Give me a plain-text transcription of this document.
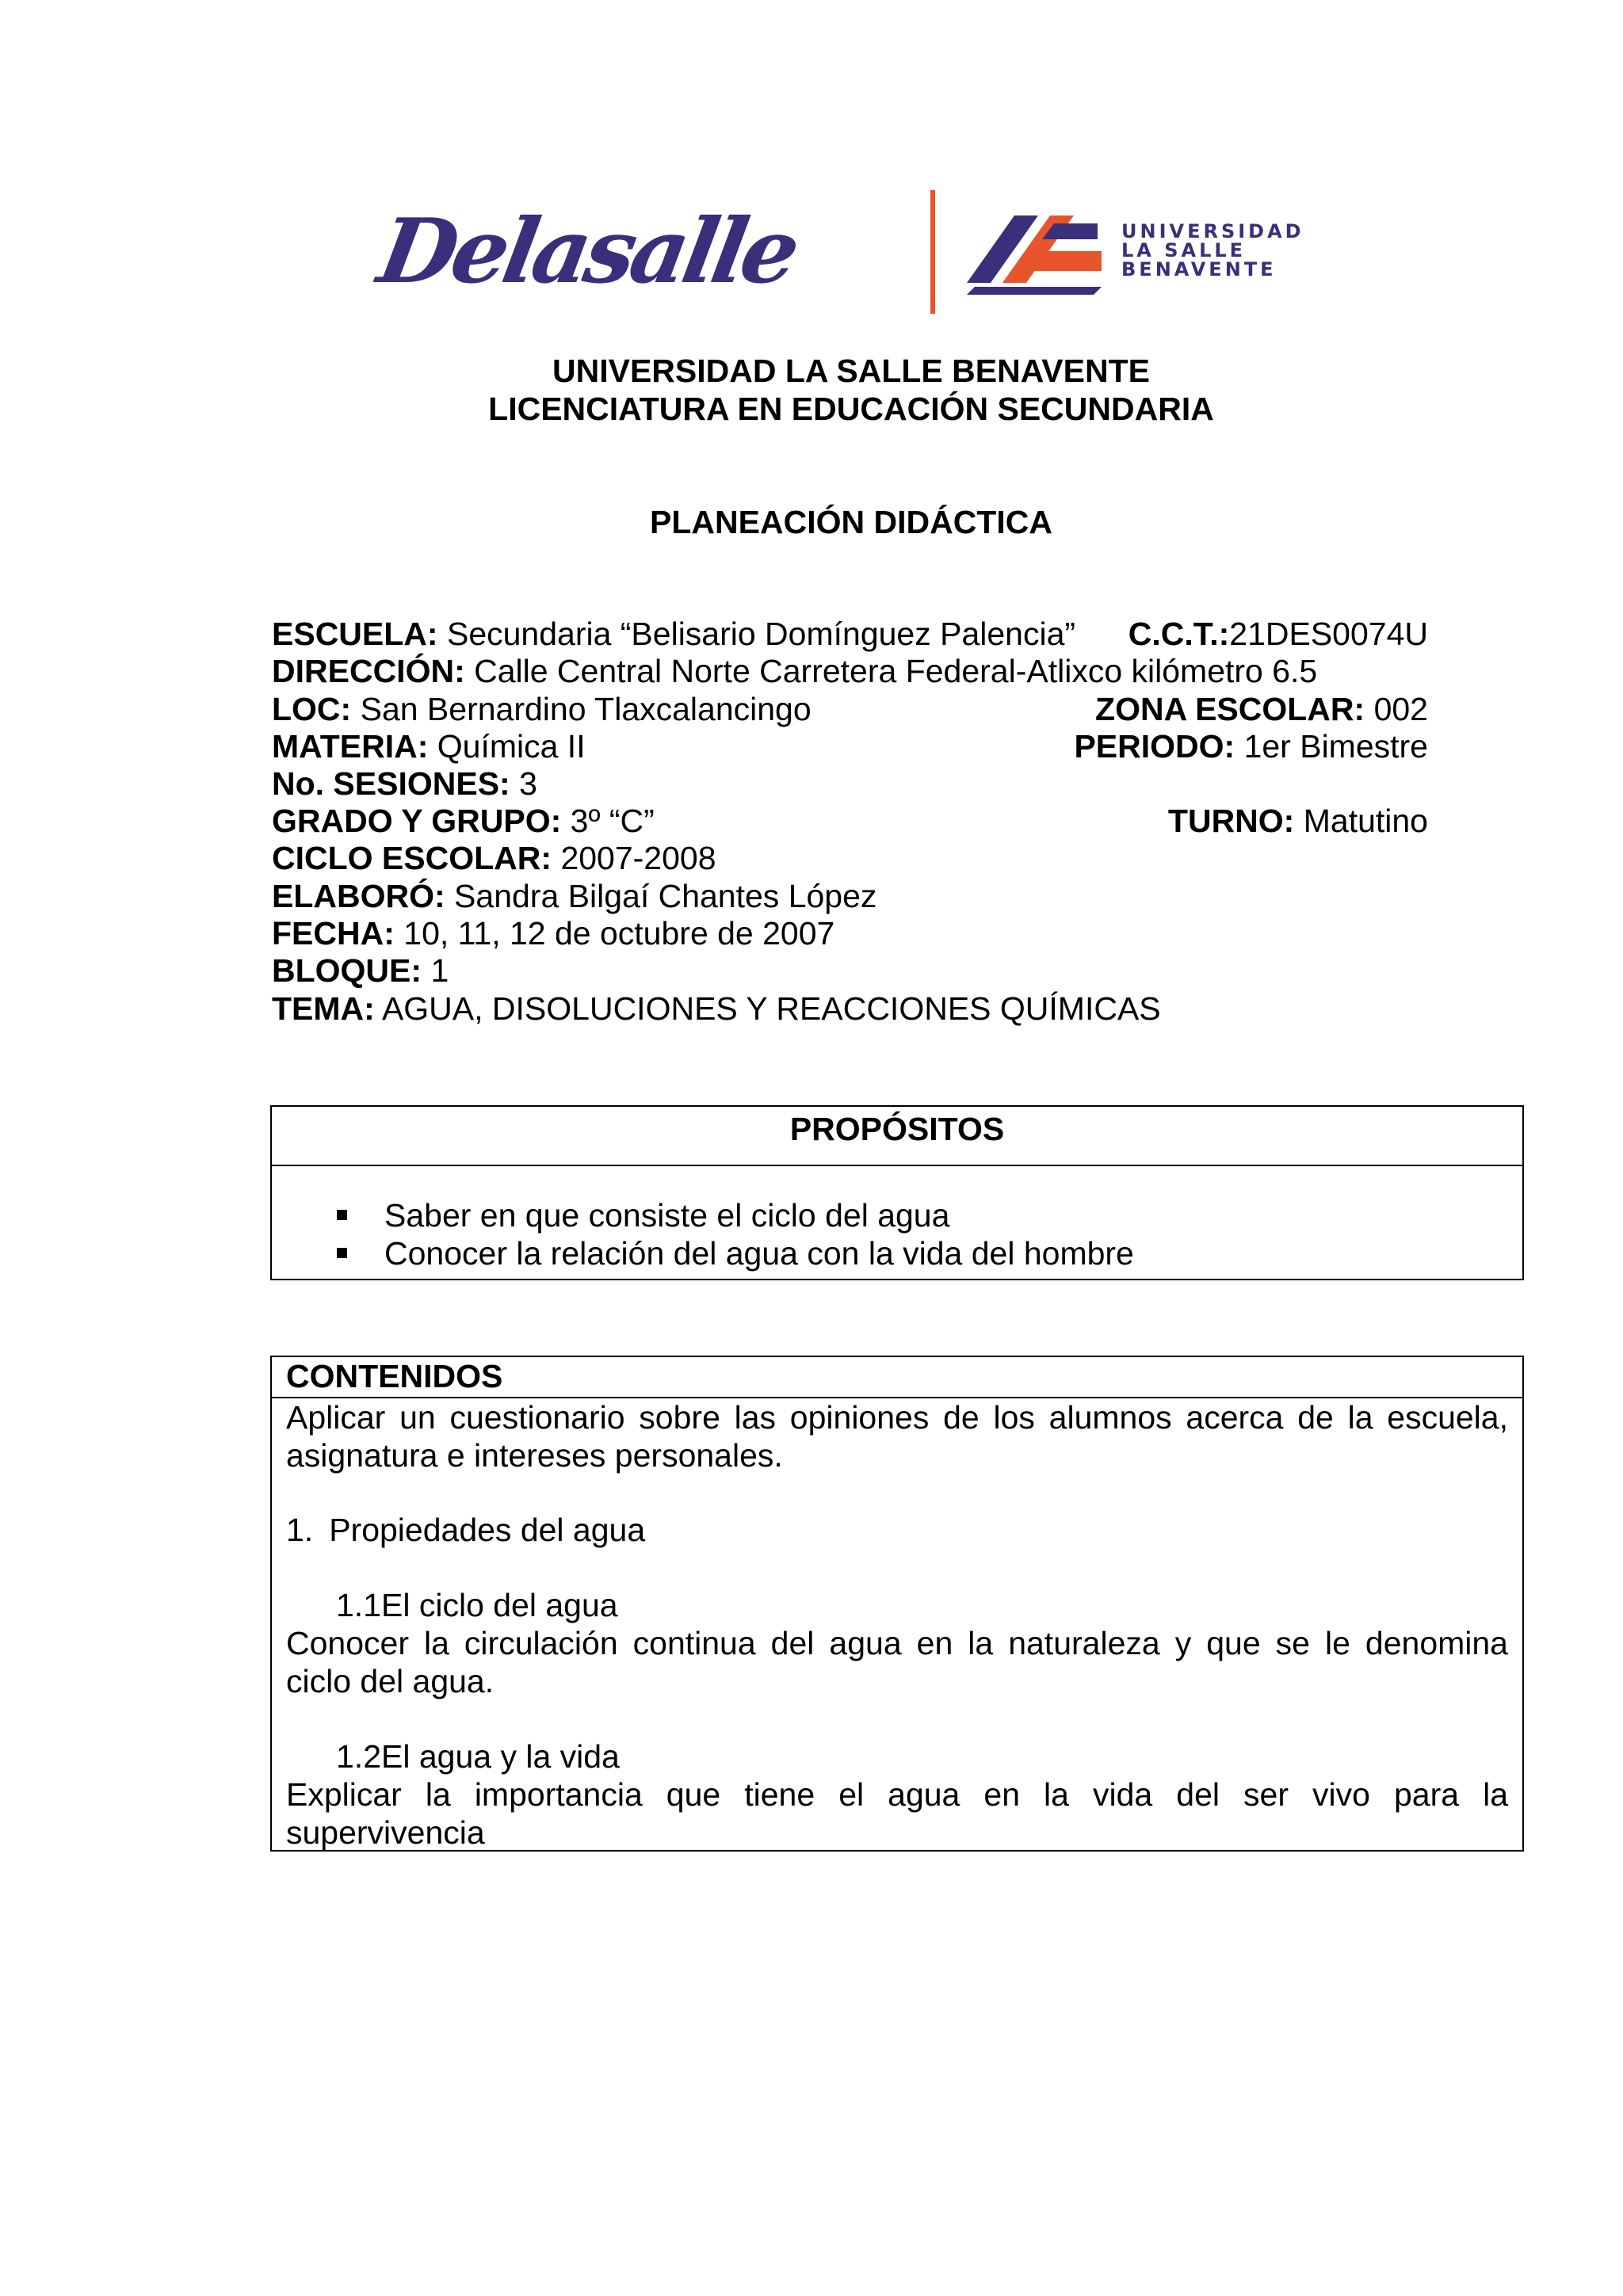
Delasalle	UNIVERSIDAD
LA SALLE
BENAVENTE
UNIVERSIDAD LA SALLE BENAVENTE
LICENCIATURA EN EDUCACIÓN SECUNDARIA
PLANEACIÓN DIDÁCTICA
ESCUELA: Secundaria “Belisario Domínguez Palencia” C.C.T.:21DES0074U
DIRECCIÓN: Calle Central Norte Carretera Federal-Atlixco kilómetro 6.5
LOC: San Bernardino Tlaxcalancingo	ZONA ESCOLAR: 002
MATERIA: Química II	PERIODO: 1er Bimestre
No. SESIONES: 3
GRADO Y GRUPO: 3º “C”	TURNO: Matutino
CICLO ESCOLAR: 2007-2008
ELABORÓ: Sandra Bilgaí Chantes López
FECHA: 10, 11, 12 de octubre de 2007
BLOQUE: 1
TEMA: AGUA, DISOLUCIONES Y REACCIONES QUÍMICAS
PROPÓSITOS
Saber en que consiste el ciclo del agua
Conocer la relación del agua con la vida del hombre
CONTENIDOS
Aplicar un cuestionario sobre las opiniones de los alumnos acerca de la escuela,
asignatura e intereses personales.
1. Propiedades del agua
1.1El ciclo del agua
Conocer la circulación continua del agua en la naturaleza y que se le denomina
ciclo del agua.
1.2El agua y la vida
Explicar la importancia que tiene el agua en la vida del ser vivo para la
supervivencia
